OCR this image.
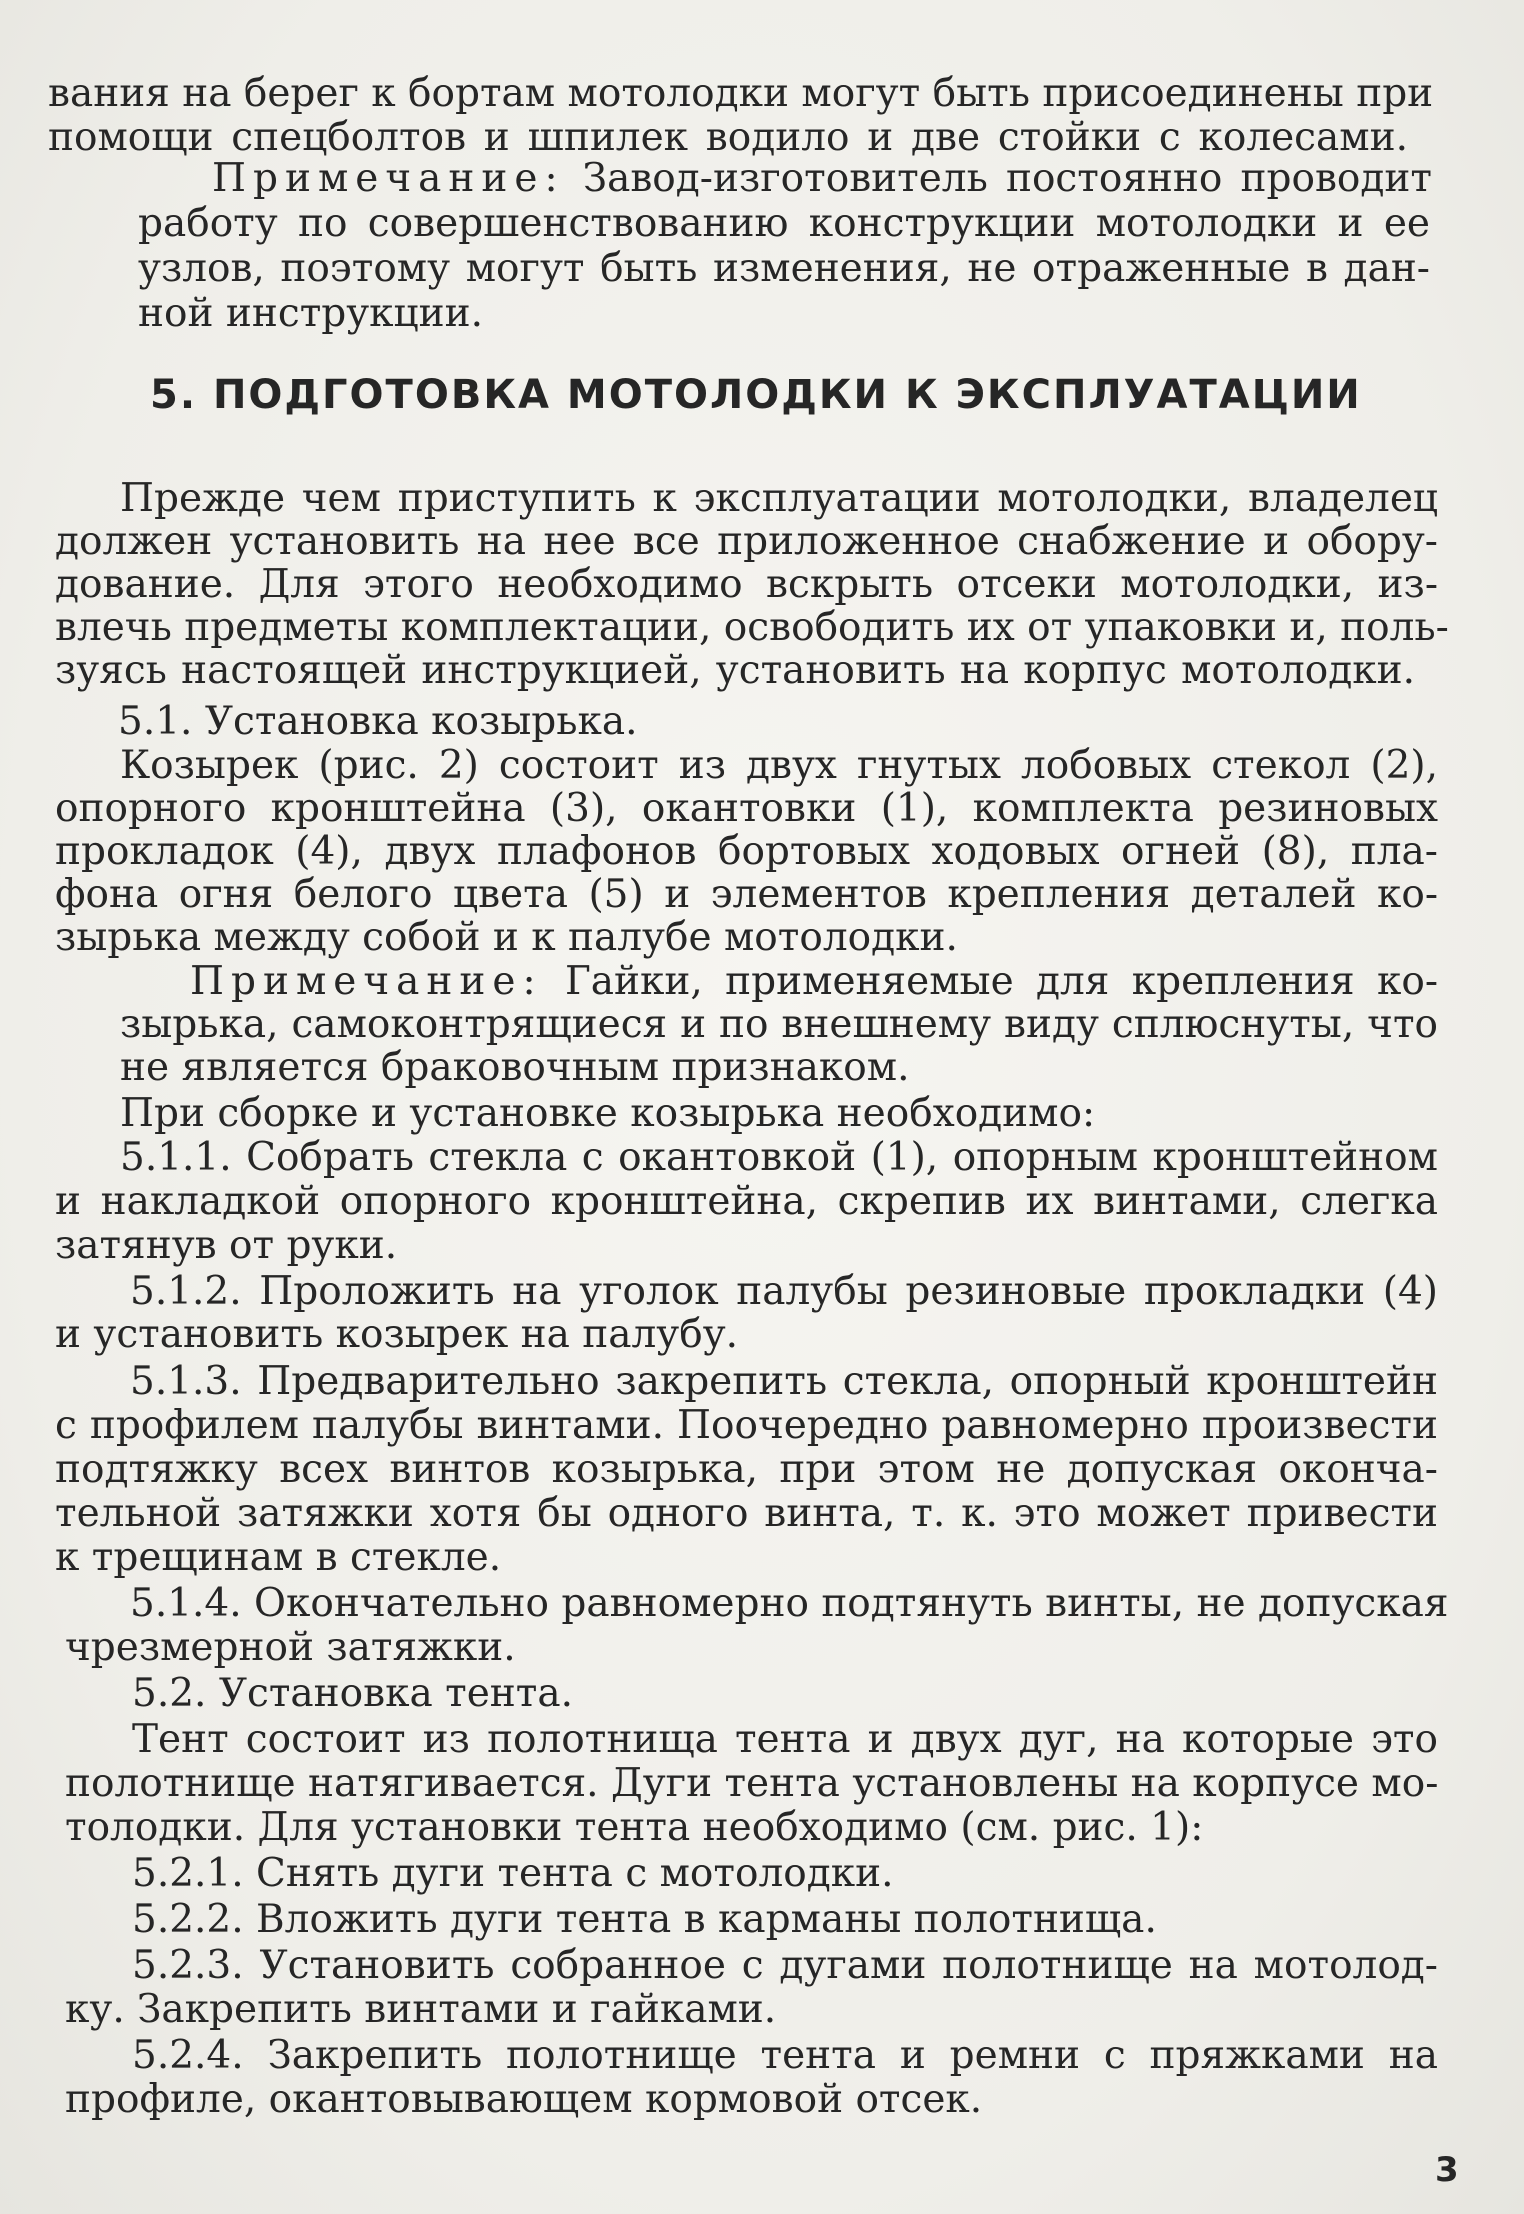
вания на берег к бортам мотолодки могут быть присоединены при
помощи спецболтов и шпилек водило и две стойки с колесами.
Примечание: Завод-изготовитель постоянно проводит
работу по совершенствованию конструкции мотолодки и ее
узлов, поэтому могут быть изменения, не отраженные в дан-
ной инструкции.
5. ПОДГОТОВКА МОТОЛОДКИ К ЭКСПЛУАТАЦИИ
Прежде чем приступить к эксплуатации мотолодки, владелец
должен установить на нее все приложенное снабжение и обору-
дование. Для этого необходимо вскрыть отсеки мотолодки, из-
влечь предметы комплектации, освободить их от упаковки и, поль-
зуясь настоящей инструкцией, установить на корпус мотолодки.
5.1. Установка козырька.
Козырек (рис. 2) состоит из двух гнутых лобовых стекол (2),
опорного кронштейна (3), окантовки (1), комплекта резиновых
прокладок (4), двух плафонов бортовых ходовых огней (8), пла-
фона огня белого цвета (5) и элементов крепления деталей ко-
зырька между собой и к палубе мотолодки.
Примечание: Гайки, применяемые для крепления ко-
зырька, самоконтрящиеся и по внешнему виду сплюснуты, что
не является браковочным признаком.
При сборке и установке козырька необходимо:
5.1.1. Собрать стекла с окантовкой (1), опорным кронштейном
и накладкой опорного кронштейна, скрепив их винтами, слегка
затянув от руки.
5.1.2. Проложить на уголок палубы резиновые прокладки (4)
и установить козырек на палубу.
5.1.3. Предварительно закрепить стекла, опорный кронштейн
с профилем палубы винтами. Поочередно равномерно произвести
подтяжку всех винтов козырька, при этом не допуская оконча-
тельной затяжки хотя бы одного винта, т. к. это может привести
к трещинам в стекле.
5.1.4. Окончательно равномерно подтянуть винты, не допуская
чрезмерной затяжки.
5.2. Установка тента.
Тент состоит из полотнища тента и двух дуг, на которые это
полотнище натягивается. Дуги тента установлены на корпусе мо-
толодки. Для установки тента необходимо (см. рис. 1):
5.2.1. Снять дуги тента с мотолодки.
5.2.2. Вложить дуги тента в карманы полотнища.
5.2.3. Установить собранное с дугами полотнище на мотолод-
ку. Закрепить винтами и гайками.
5.2.4. Закрепить полотнище тента и ремни с пряжками на
профиле, окантовывающем кормовой отсек.
3
